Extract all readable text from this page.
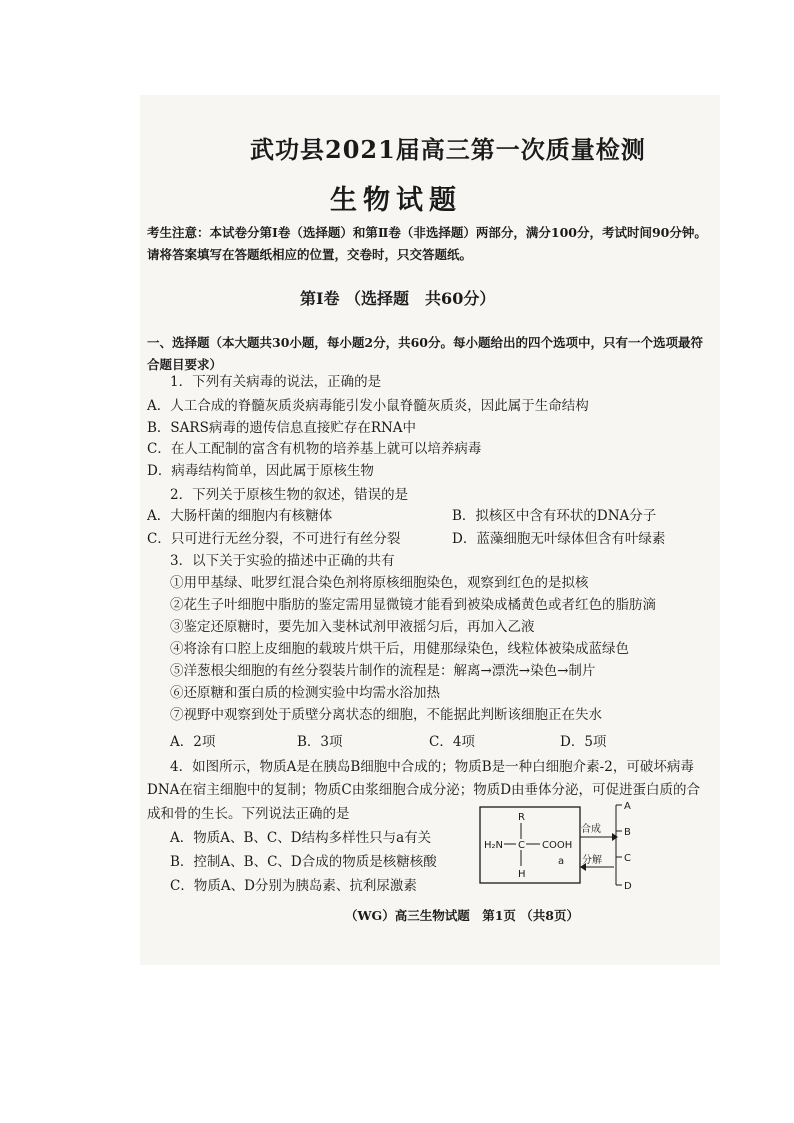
武功县2021届高三第一次质量检测
生物试题
考生注意：本试卷分第Ⅰ卷（选择题）和第Ⅱ卷（非选择题）两部分，满分100分，考试时间90分钟。请将答案填写在答题纸相应的位置，交卷时，只交答题纸。
第Ⅰ卷 （选择题　共60分）
一、选择题（本大题共30小题，每小题2分，共60分。每小题给出的四个选项中，只有一个选项最符合题目要求）
1．下列有关病毒的说法，正确的是
A．人工合成的脊髓灰质炎病毒能引发小鼠脊髓灰质炎，因此属于生命结构
B．SARS病毒的遗传信息直接贮存在RNA中
C．在人工配制的富含有机物的培养基上就可以培养病毒
D．病毒结构简单，因此属于原核生物
2．下列关于原核生物的叙述，错误的是
A．大肠杆菌的细胞内有核糖体	B．拟核区中含有环状的DNA分子
C．只可进行无丝分裂，不可进行有丝分裂	D．蓝藻细胞无叶绿体但含有叶绿素
3．以下关于实验的描述中正确的共有
①用甲基绿、吡罗红混合染色剂将原核细胞染色，观察到红色的是拟核
②花生子叶细胞中脂肪的鉴定需用显微镜才能看到被染成橘黄色或者红色的脂肪滴
③鉴定还原糖时，要先加入斐林试剂甲液摇匀后，再加入乙液
④将涂有口腔上皮细胞的载玻片烘干后，用健那绿染色，线粒体被染成蓝绿色
⑤洋葱根尖细胞的有丝分裂装片制作的流程是：解离→漂洗→染色→制片
⑥还原糖和蛋白质的检测实验中均需水浴加热
⑦视野中观察到处于质壁分离状态的细胞，不能据此判断该细胞正在失水
A．2项	B．3项	C．4项	D．5项
4．如图所示，物质A是在胰岛B细胞中合成的；物质B是一种白细胞介素-2，可破坏病毒
DNA在宿主细胞中的复制；物质C由浆细胞合成分泌；物质D由垂体分泌，可促进蛋白质的合
成和骨的生长。下列说法正确的是
A．物质A、B、C、D结构多样性只与a有关
B．控制A、B、C、D合成的物质是核糖核酸
C．物质A、D分别为胰岛素、抗利尿激素
R
H₂N C COOH
H
a
合成
分解
A
B
C
D
（WG）高三生物试题　第1页 （共8页）
